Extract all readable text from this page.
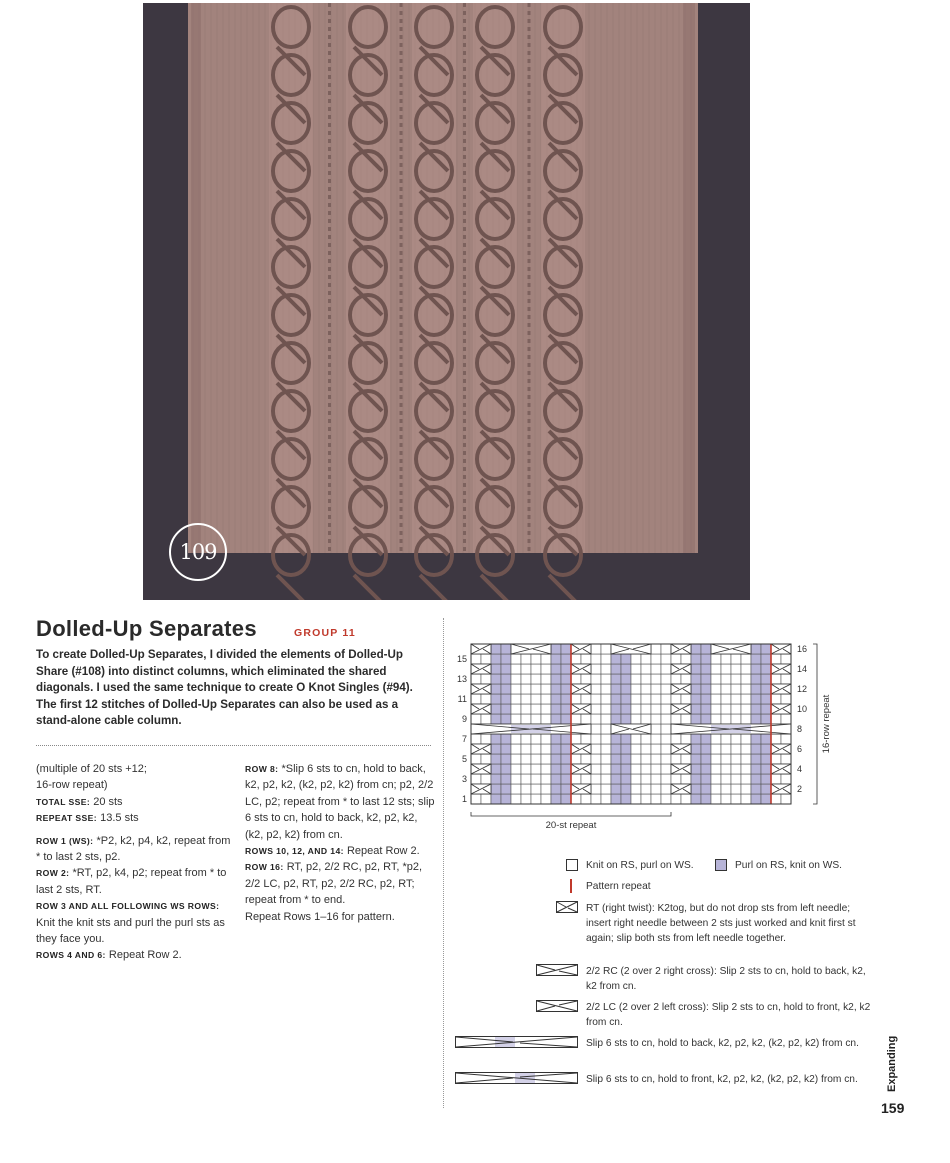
109
Dolled-Up Separates	GROUP 11
To create Dolled-Up Separates, I divided the elements of Dolled-Up Share (#108) into distinct columns, which eliminated the shared diagonals. I used the same technique to create O Knot Singles (#94). The first 12 stitches of Dolled-Up Separates can also be used as a stand-alone cable column.
(multiple of 20 sts +12;
16-row repeat)
TOTAL SSE: 20 sts
REPEAT SSE: 13.5 sts
ROW 1 (WS): *P2, k2, p4, k2, repeat from * to last 2 sts, p2.
ROW 2: *RT, p2, k4, p2; repeat from * to last 2 sts, RT.
ROW 3 AND ALL FOLLOWING WS ROWS: Knit the knit sts and purl the purl sts as they face you.
ROWS 4 AND 6: Repeat Row 2.
ROW 8: *Slip 6 sts to cn, hold to back, k2, p2, k2, (k2, p2, k2) from cn; p2, 2/2 LC, p2; repeat from * to last 12 sts; slip 6 sts to cn, hold to back, k2, p2, k2, (k2, p2, k2) from cn.
ROWS 10, 12, AND 14: Repeat Row 2.
ROW 16: RT, p2, 2/2 RC, p2, RT, *p2, 2/2 LC, p2, RT, p2, 2/2 RC, p2, RT; repeat from * to end.
Repeat Rows 1–16 for pattern.
15
13
11
9
7
5
3
1
16
14
12
10
8
6
4
2
16-row repeat
20-st repeat
Knit on RS, purl on WS.	Purl on RS, knit on WS.
Pattern repeat
RT (right twist): K2tog, but do not drop sts from left needle; insert right needle between 2 sts just worked and knit first st again; slip both sts from left needle together.
2/2 RC (2 over 2 right cross): Slip 2 sts to cn, hold to back, k2, k2 from cn.
2/2 LC (2 over 2 left cross): Slip 2 sts to cn, hold to front, k2, k2 from cn.
Slip 6 sts to cn, hold to back, k2, p2, k2, (k2, p2, k2) from cn.
Slip 6 sts to cn, hold to front, k2, p2, k2, (k2, p2, k2) from cn.	Expanding
159
